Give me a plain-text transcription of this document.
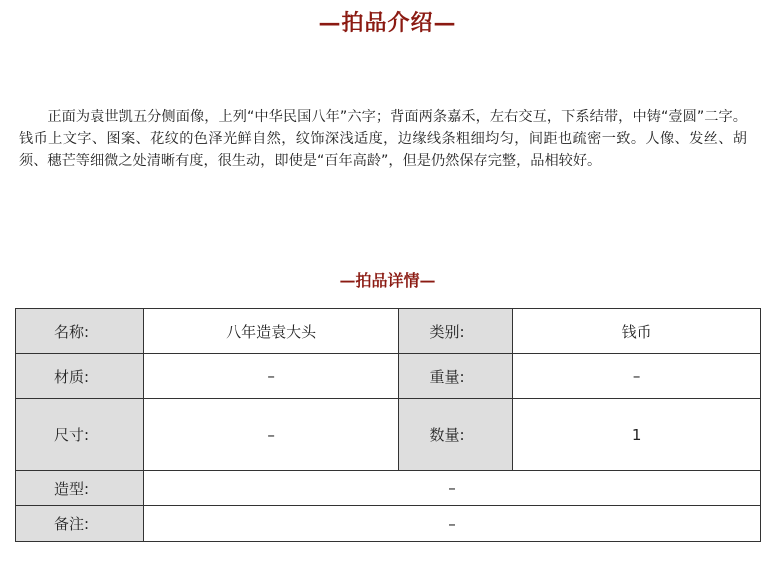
—拍品介绍—

正面为袁世凯五分侧面像，上列“中华民国八年”六字；背面两条嘉禾，左右交互，下系结带，中铸“壹圆”二字。钱币上文字、图案、花纹的色泽光鲜自然，纹饰深浅适度，边缘线条粗细均匀，间距也疏密一致。人像、发丝、胡须、穗芒等细微之处清晰有度，很生动，即使是“百年高龄”，但是仍然保存完整，品相较好。

—拍品详情—
名称:	八年造袁大头	类别:	钱币
材质:	–	重量:	–
尺寸:	–	数量:	1
造型:	–		
备注:	–		
